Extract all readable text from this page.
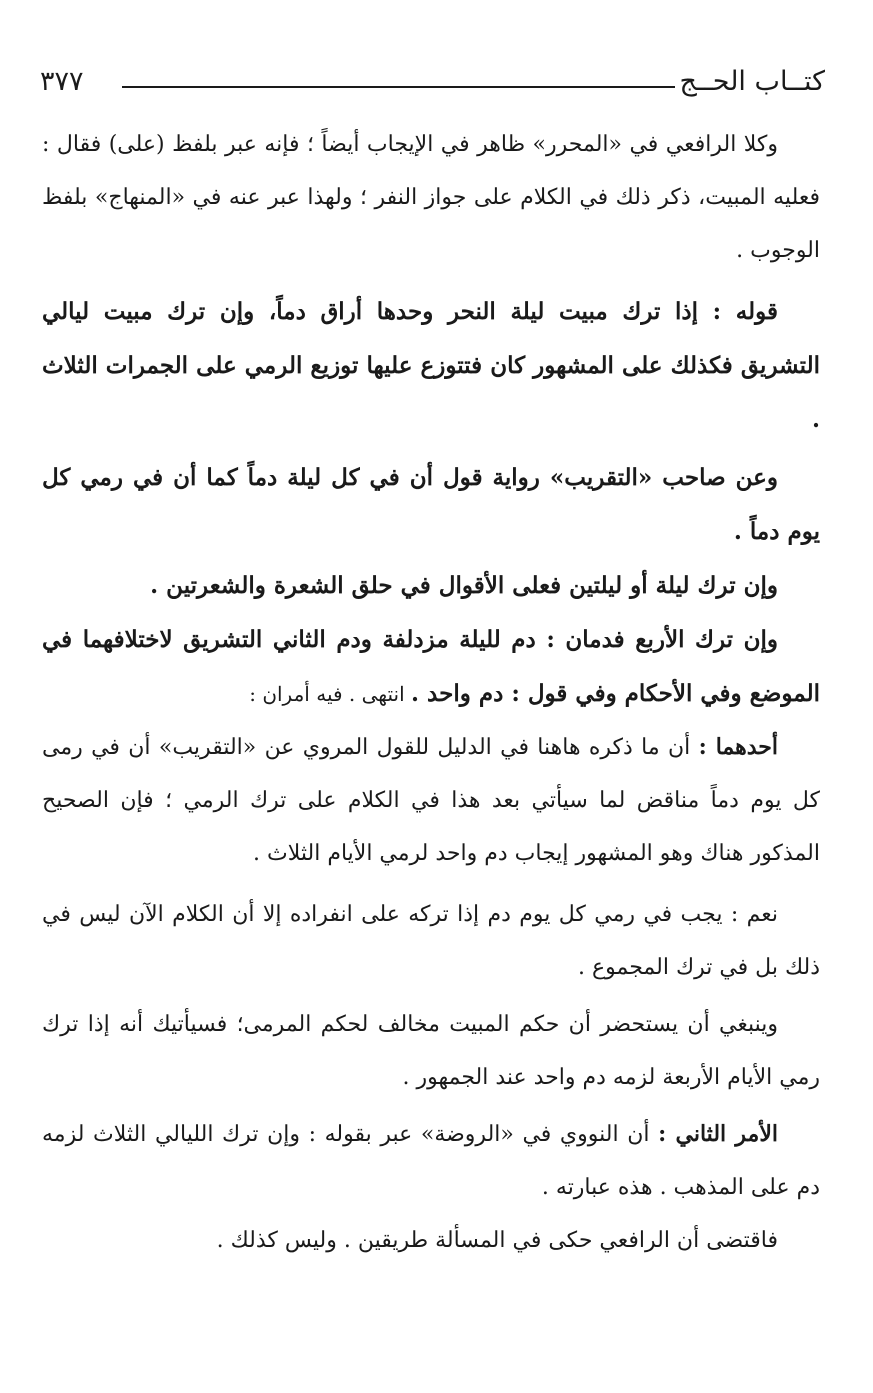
كتــاب الحــج
٣٧٧

وكلا الرافعي في «المحرر» ظاهر في الإيجاب أيضاً ؛ فإنه عبر بلفظ (على) فقال : فعليه المبيت، ذكر ذلك في الكلام على جواز النفر ؛ ولهذا عبر عنه في «المنهاج» بلفظ الوجوب .

قوله : إذا ترك مبيت ليلة النحر وحدها أراق دماً، وإن ترك مبيت ليالي التشريق فكذلك على المشهور كان فتتوزع عليها توزيع الرمي على الجمرات الثلاث .

وعن صاحب «التقريب» رواية قول أن في كل ليلة دماً كما أن في رمي كل يوم دماً .

وإن ترك ليلة أو ليلتين فعلى الأقوال في حلق الشعرة والشعرتين .

وإن ترك الأربع فدمان : دم لليلة مزدلفة ودم الثاني التشريق لاختلافهما في الموضع وفي الأحكام وفي قول : دم واحد . انتهى . فيه أمران :

أحدهما : أن ما ذكره هاهنا في الدليل للقول المروي عن «التقريب» أن في رمى كل يوم دماً مناقض لما سيأتي بعد هذا في الكلام على ترك الرمي ؛ فإن الصحيح المذكور هناك وهو المشهور إيجاب دم واحد لرمي الأيام الثلاث .

نعم : يجب في رمي كل يوم دم إذا تركه على انفراده إلا أن الكلام الآن ليس في ذلك بل في ترك المجموع .

وينبغي أن يستحضر أن حكم المبيت مخالف لحكم المرمى؛ فسيأتيك أنه إذا ترك رمي الأيام الأربعة لزمه دم واحد عند الجمهور .

الأمر الثاني : أن النووي في «الروضة» عبر بقوله : وإن ترك الليالي الثلاث لزمه دم على المذهب . هذه عبارته .

فاقتضى أن الرافعي حكى في المسألة طريقين . وليس كذلك .
